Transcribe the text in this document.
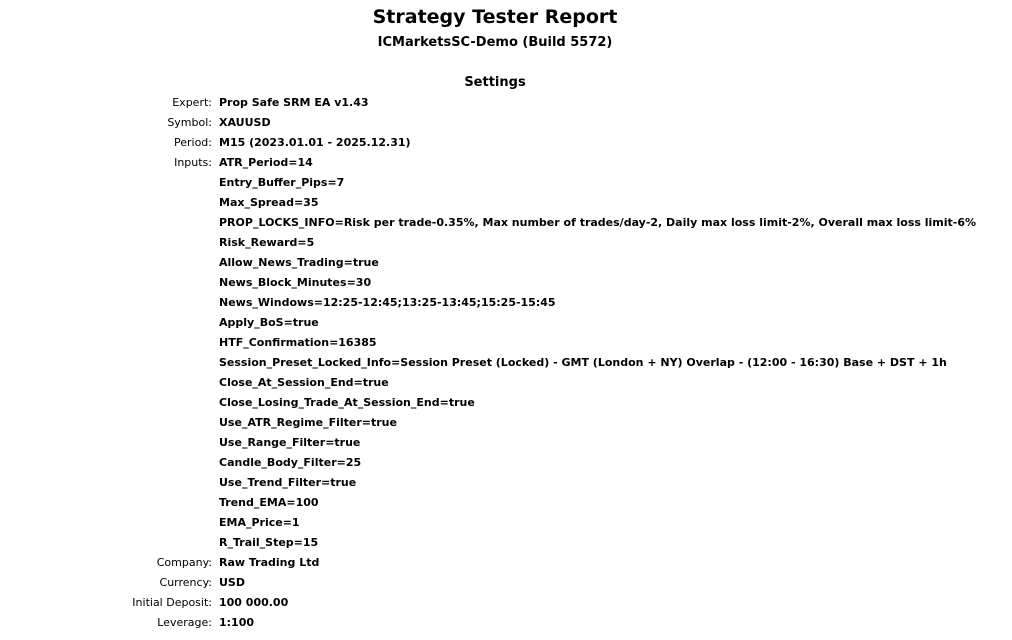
Strategy Tester Report
ICMarketsSC-Demo (Build 5572)
Settings
Expert: Prop Safe SRM EA v1.43
Symbol: XAUUSD
Period: M15 (2023.01.01 - 2025.12.31)
Inputs: ATR_Period=14
Entry_Buffer_Pips=7
Max_Spread=35
PROP_LOCKS_INFO=Risk per trade-0.35%, Max number of trades/day-2, Daily max loss limit-2%, Overall max loss limit-6%
Risk_Reward=5
Allow_News_Trading=true
News_Block_Minutes=30
News_Windows=12:25-12:45;13:25-13:45;15:25-15:45
Apply_BoS=true
HTF_Confirmation=16385
Session_Preset_Locked_Info=Session Preset (Locked) - GMT (London + NY) Overlap - (12:00 - 16:30) Base + DST + 1h
Close_At_Session_End=true
Close_Losing_Trade_At_Session_End=true
Use_ATR_Regime_Filter=true
Use_Range_Filter=true
Candle_Body_Filter=25
Use_Trend_Filter=true
Trend_EMA=100
EMA_Price=1
R_Trail_Step=15
Company: Raw Trading Ltd
Currency: USD
Initial Deposit: 100 000.00
Leverage: 1:100
